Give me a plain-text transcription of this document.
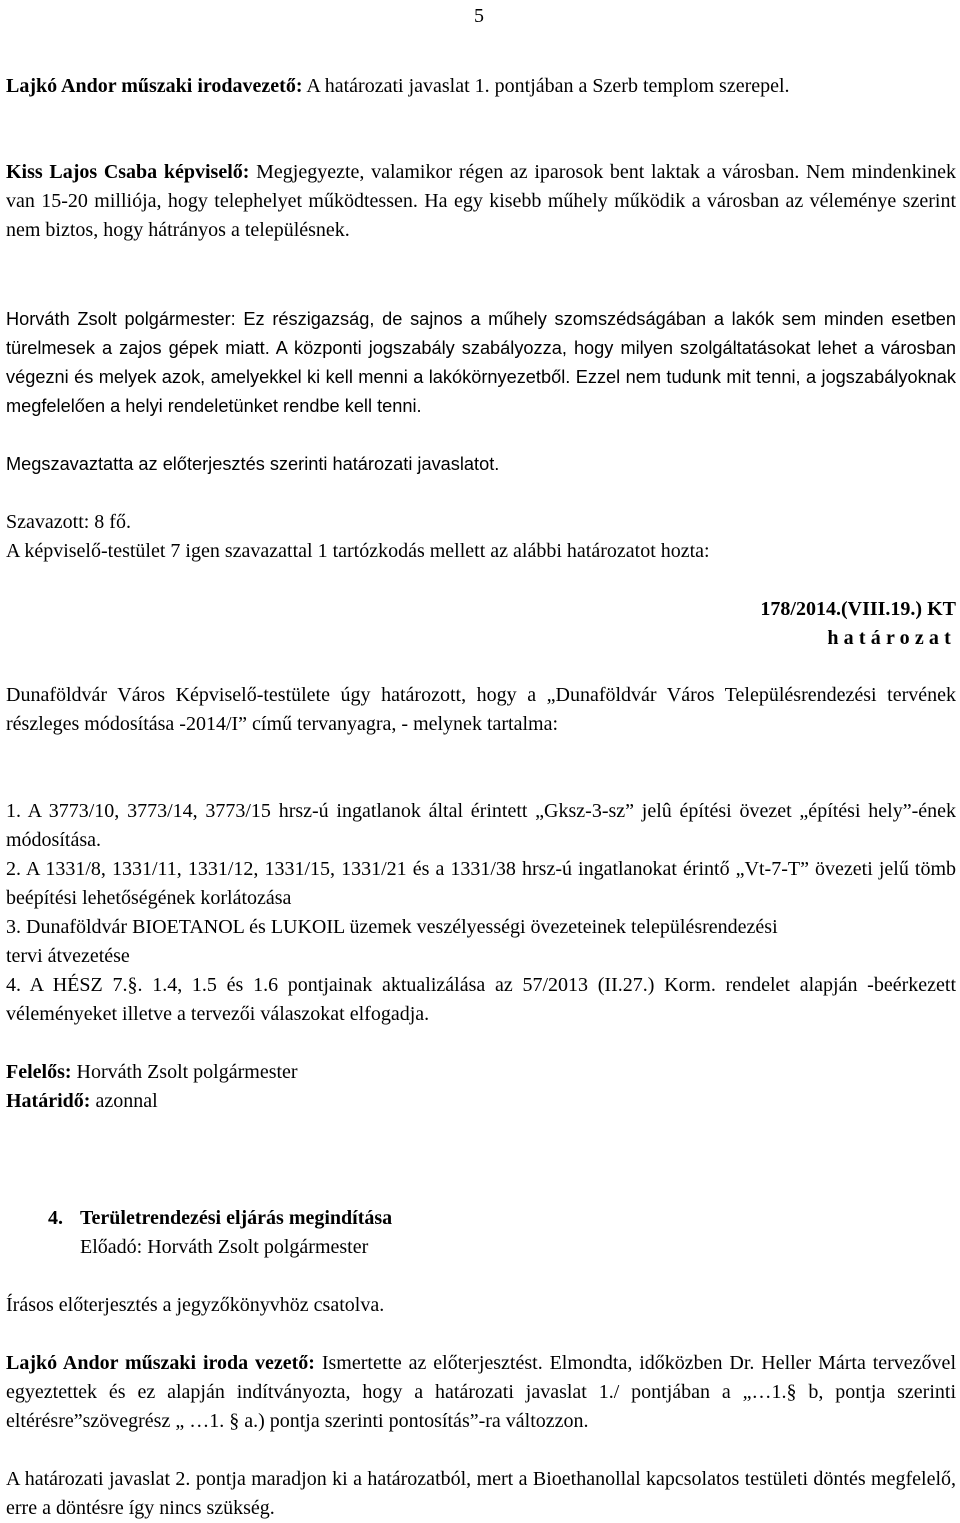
5

Lajkó Andor műszaki irodavezető: A határozati javaslat 1. pontjában a Szerb templom szerepel.

Kiss Lajos Csaba képviselő: Megjegyezte, valamikor régen az iparosok bent laktak a városban. Nem mindenkinek van 15-20 milliója, hogy telephelyet működtessen. Ha egy kisebb műhely működik a városban az véleménye szerint nem biztos, hogy hátrányos a településnek.

Horváth Zsolt polgármester: Ez részigazság, de sajnos a műhely szomszédságában a lakók sem minden esetben türelmesek a zajos gépek miatt. A központi jogszabály szabályozza, hogy milyen szolgáltatásokat lehet a városban végezni és melyek azok, amelyekkel ki kell menni a lakókörnyezetből. Ezzel nem tudunk mit tenni, a jogszabályoknak megfelelően a helyi rendeletünket rendbe kell tenni.

Megszavaztatta az előterjesztés szerinti határozati javaslatot.

Szavazott: 8 fő.

A képviselő-testület 7 igen szavazattal 1 tartózkodás mellett az alábbi határozatot hozta:

178/2014.(VIII.19.) KT

határozat

Dunaföldvár Város Képviselő-testülete úgy határozott, hogy a „Dunaföldvár Város Településrendezési tervének részleges módosítása -2014/I” című tervanyagra, - melynek tartalma:

1. A 3773/10, 3773/14, 3773/15 hrsz-ú ingatlanok által érintett „Gksz-3-sz” jelû építési övezet „építési hely”-ének módosítása.

2. A 1331/8, 1331/11, 1331/12, 1331/15, 1331/21 és a 1331/38 hrsz-ú ingatlanokat érintő „Vt-7-T” övezeti jelű tömb beépítési lehetőségének korlátozása

3. Dunaföldvár BIOETANOL és LUKOIL üzemek veszélyességi övezeteinek településrendezési tervi átvezetése

4. A HÉSZ 7.§. 1.4, 1.5 és 1.6 pontjainak aktualizálása az 57/2013 (II.27.) Korm. rendelet alapján -beérkezett véleményeket illetve a tervezői válaszokat elfogadja.

Felelős: Horváth Zsolt polgármester

Határidő: azonnal

4. Területrendezési eljárás megindítása

Előadó: Horváth Zsolt polgármester

Írásos előterjesztés a jegyzőkönyvhöz csatolva.

Lajkó Andor műszaki iroda vezető: Ismertette az előterjesztést. Elmondta, időközben Dr. Heller Márta tervezővel egyeztettek és ez alapján indítványozta, hogy a határozati javaslat 1./ pontjában a „…1.§ b, pontja szerinti eltérésre”szövegrész „ …1. § a.) pontja szerinti pontosítás”-ra változzon.

A határozati javaslat 2. pontja maradjon ki a határozatból, mert a Bioethanollal kapcsolatos testületi döntés megfelelő, erre a döntésre így nincs szükség.
